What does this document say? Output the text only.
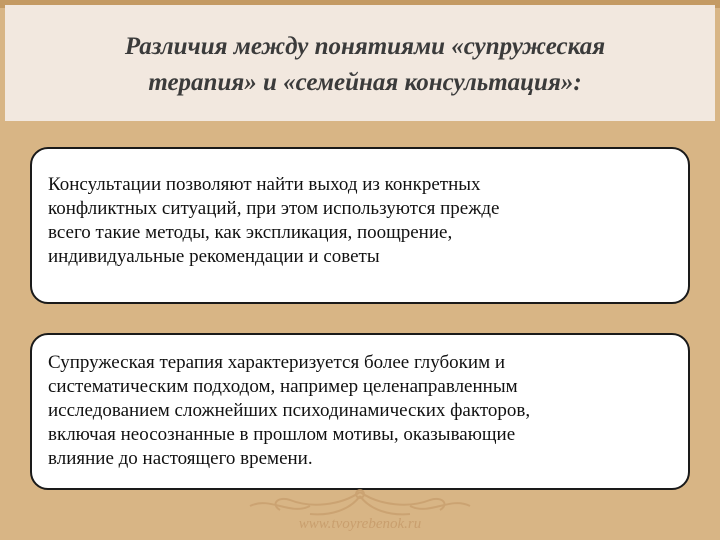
Различия между понятиями «супружеская
терапия» и «семейная консультация»:

Консультации позволяют найти выход из конкретных
конфликтных ситуаций, при этом используются прежде
всего такие методы, как экспликация, поощрение,
индивидуальные рекомендации и советы

Супружеская терапия характеризуется более глубоким и
систематическим подходом, например целенаправленным
исследованием сложнейших психодинамических факторов,
включая неосознанные в прошлом мотивы, оказывающие
влияние до настоящего времени.

www.tvoyrebenok.ru
